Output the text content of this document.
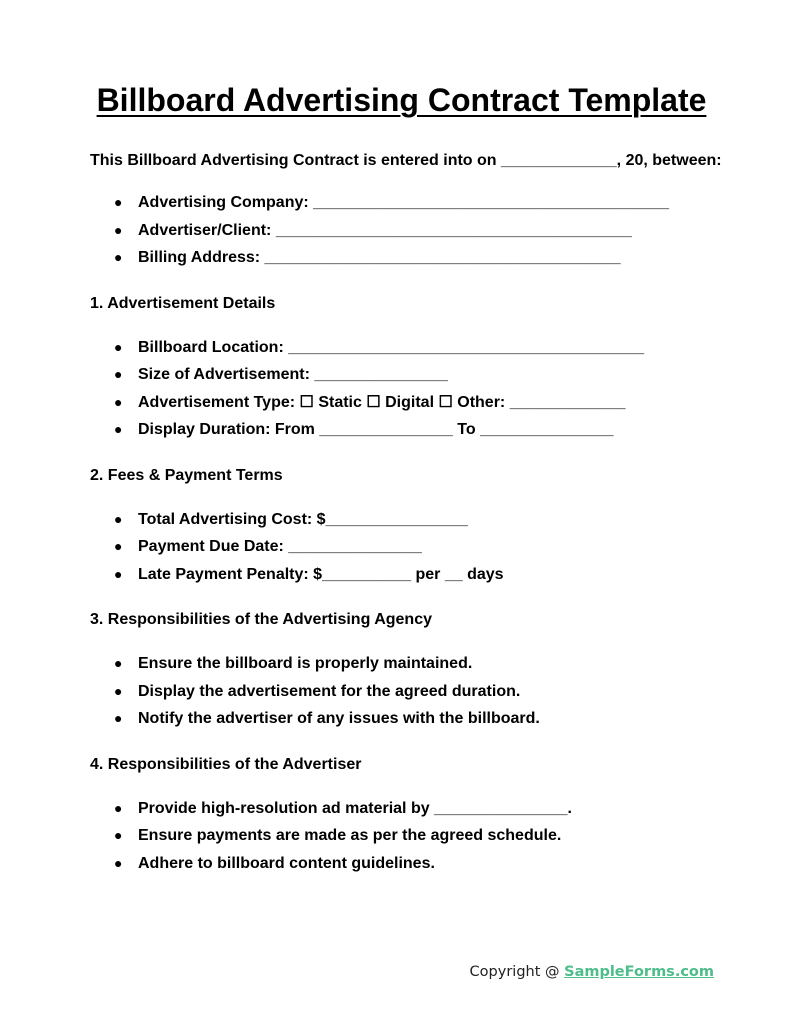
Billboard Advertising Contract Template

This Billboard Advertising Contract is entered into on _____________, 20, between:

● Advertising Company: ________________________________________
● Advertiser/Client: ________________________________________
● Billing Address: ________________________________________
1. Advertisement Details
● Billboard Location: ________________________________________
● Size of Advertisement: _______________
● Advertisement Type: ☐ Static ☐ Digital ☐ Other: _____________
● Display Duration: From _______________ To _______________
2. Fees & Payment Terms
● Total Advertising Cost: $________________
● Payment Due Date: _______________
● Late Payment Penalty: $__________ per __ days
3. Responsibilities of the Advertising Agency
● Ensure the billboard is properly maintained.
● Display the advertisement for the agreed duration.
● Notify the advertiser of any issues with the billboard.
4. Responsibilities of the Advertiser
● Provide high-resolution ad material by _______________.
● Ensure payments are made as per the agreed schedule.
● Adhere to billboard content guidelines.
Copyright @ SampleForms.com
